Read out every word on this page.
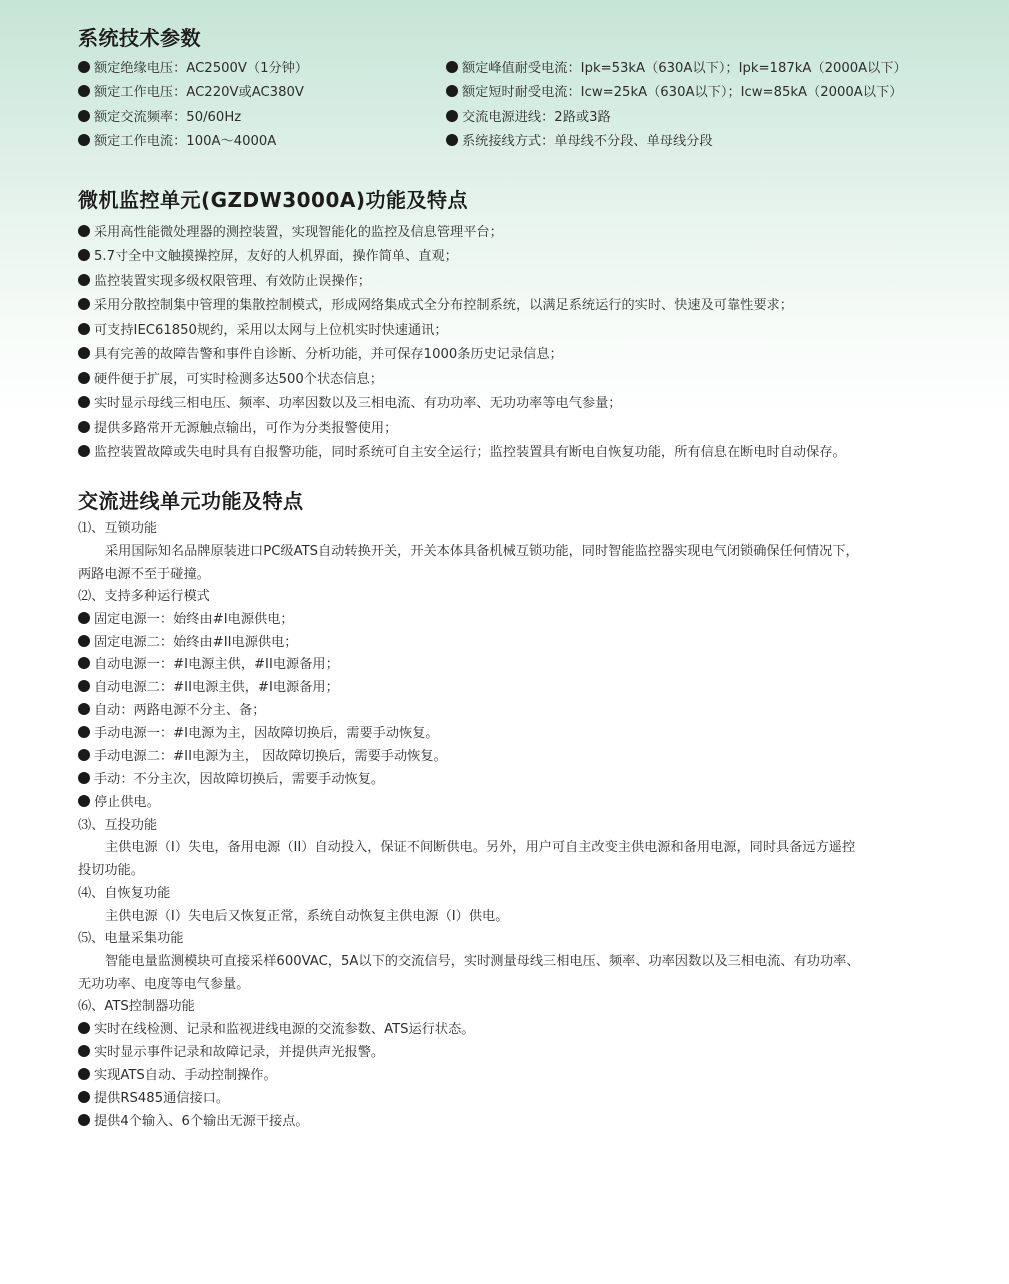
系统技术参数
额定绝缘电压：AC2500V（1分钟）
额定工作电压：AC220V或AC380V
额定交流频率：50/60Hz
额定工作电流：100A～4000A
额定峰值耐受电流：Ipk=53kA（630A以下）；Ipk=187kA（2000A以下）
额定短时耐受电流：Icw=25kA（630A以下）；Icw=85kA（2000A以下）
交流电源进线：2路或3路
系统接线方式：单母线不分段、单母线分段
微机监控单元(GZDW3000A)功能及特点
采用高性能微处理器的测控装置，实现智能化的监控及信息管理平台；
5.7寸全中文触摸操控屏，友好的人机界面，操作简单、直观；
监控装置实现多级权限管理、有效防止误操作；
采用分散控制集中管理的集散控制模式，形成网络集成式全分布控制系统，以满足系统运行的实时、快速及可靠性要求；
可支持IEC61850规约，采用以太网与上位机实时快速通讯；
具有完善的故障告警和事件自诊断、分析功能，并可保存1000条历史记录信息；
硬件便于扩展，可实时检测多达500个状态信息；
实时显示母线三相电压、频率、功率因数以及三相电流、有功功率、无功功率等电气参量；
提供多路常开无源触点输出，可作为分类报警使用；
监控装置故障或失电时具有自报警功能，同时系统可自主安全运行；监控装置具有断电自恢复功能，所有信息在断电时自动保存。
交流进线单元功能及特点
⑴、互锁功能
采用国际知名品牌原装进口PC级ATS自动转换开关，开关本体具备机械互锁功能，同时智能监控器实现电气闭锁确保任何情况下，
两路电源不至于碰撞。
⑵、支持多种运行模式
固定电源一：始终由#I电源供电；
固定电源二：始终由#II电源供电；
自动电源一：#I电源主供，#II电源备用；
自动电源二：#II电源主供，#I电源备用；
自动：两路电源不分主、备；
手动电源一：#I电源为主，因故障切换后，需要手动恢复。
手动电源二：#II电源为主， 因故障切换后，需要手动恢复。
手动：不分主次，因故障切换后，需要手动恢复。
停止供电。
⑶、互投功能
主供电源（I）失电，备用电源（II）自动投入，保证不间断供电。另外，用户可自主改变主供电源和备用电源，同时具备远方遥控
投切功能。
⑷、自恢复功能
主供电源（I）失电后又恢复正常，系统自动恢复主供电源（I）供电。
⑸、电量采集功能
智能电量监测模块可直接采样600VAC，5A以下的交流信号，实时测量母线三相电压、频率、功率因数以及三相电流、有功功率、
无功功率、电度等电气参量。
⑹、ATS控制器功能
实时在线检测、记录和监视进线电源的交流参数、ATS运行状态。
实时显示事件记录和故障记录，并提供声光报警。
实现ATS自动、手动控制操作。
提供RS485通信接口。
提供4个输入、6个输出无源干接点。
